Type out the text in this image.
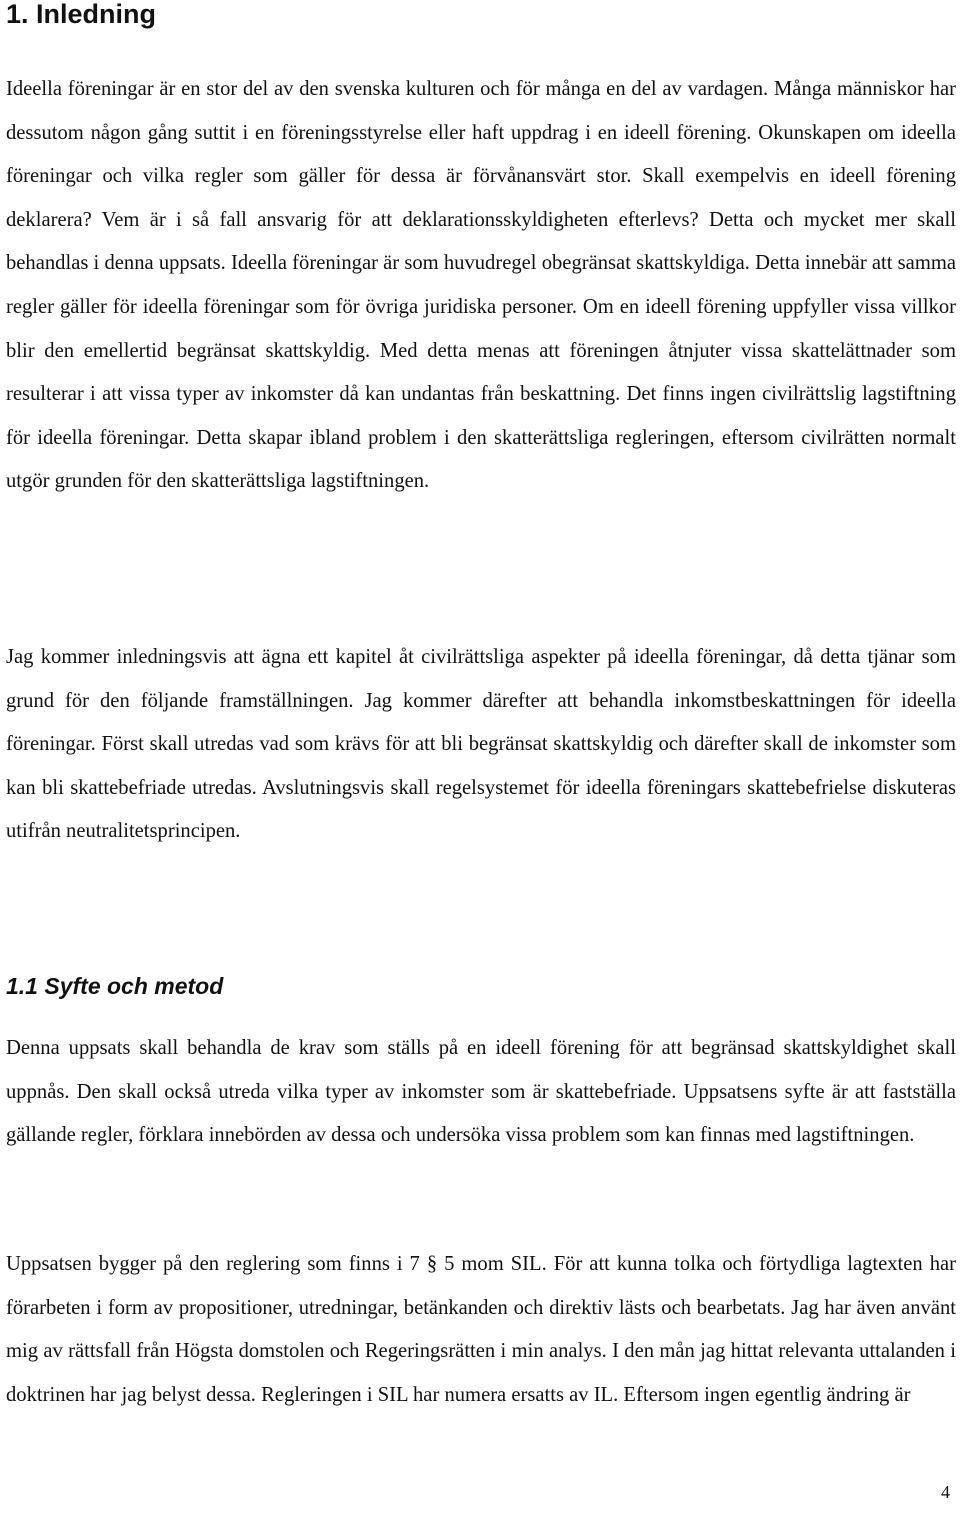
1. Inledning

Ideella föreningar är en stor del av den svenska kulturen och för många en del av vardagen. Många människor har dessutom någon gång suttit i en föreningsstyrelse eller haft uppdrag i en ideell förening. Okunskapen om ideella föreningar och vilka regler som gäller för dessa är förvånansvärt stor. Skall exempelvis en ideell förening deklarera? Vem är i så fall ansvarig för att deklarationsskyldigheten efterlevs? Detta och mycket mer skall behandlas i denna uppsats. Ideella föreningar är som huvudregel obegränsat skattskyldiga. Detta innebär att samma regler gäller för ideella föreningar som för övriga juridiska personer. Om en ideell förening uppfyller vissa villkor blir den emellertid begränsat skattskyldig. Med detta menas att föreningen åtnjuter vissa skattelättnader som resulterar i att vissa typer av inkomster då kan undantas från beskattning. Det finns ingen civilrättslig lagstiftning för ideella föreningar. Detta skapar ibland problem i den skatterättsliga regleringen, eftersom civilrätten normalt utgör grunden för den skatterättsliga lagstiftningen.

Jag kommer inledningsvis att ägna ett kapitel åt civilrättsliga aspekter på ideella föreningar, då detta tjänar som grund för den följande framställningen. Jag kommer därefter att behandla inkomstbeskattningen för ideella föreningar. Först skall utredas vad som krävs för att bli begränsat skattskyldig och därefter skall de inkomster som kan bli skattebefriade utredas. Avslutningsvis skall regelsystemet för ideella föreningars skattebefrielse diskuteras utifrån neutralitetsprincipen.

1.1 Syfte och metod

Denna uppsats skall behandla de krav som ställs på en ideell förening för att begränsad skattskyldighet skall uppnås. Den skall också utreda vilka typer av inkomster som är skattebefriade. Uppsatsens syfte är att fastställa gällande regler, förklara innebörden av dessa och undersöka vissa problem som kan finnas med lagstiftningen.

Uppsatsen bygger på den reglering som finns i 7 § 5 mom SIL. För att kunna tolka och förtydliga lagtexten har förarbeten i form av propositioner, utredningar, betänkanden och direktiv lästs och bearbetats. Jag har även använt mig av rättsfall från Högsta domstolen och Regeringsrätten i min analys. I den mån jag hittat relevanta uttalanden i doktrinen har jag belyst dessa. Regleringen i SIL har numera ersatts av IL. Eftersom ingen egentlig ändring är

4
